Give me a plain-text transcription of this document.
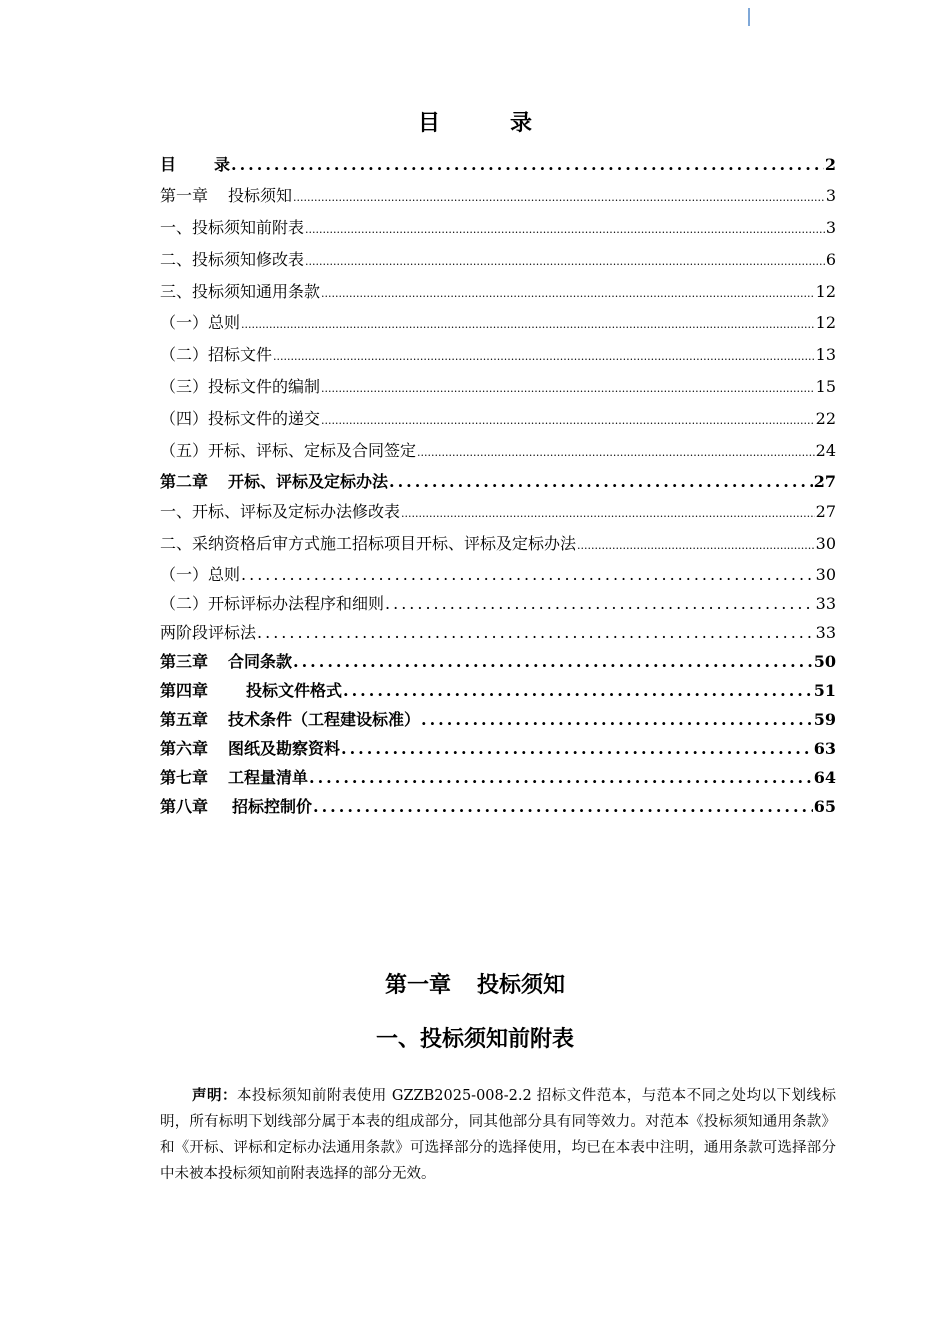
目	录
目 录 .....	2
第一章 投标须知 .....	3
一、投标须知前附表 .....	3
二、投标须知修改表 .....	6
三、投标须知通用条款 .....	12
（一）总则 .....	12
（二）招标文件 .....	13
（三）投标文件的编制 .....	15
（四）投标文件的递交 .....	22
（五）开标、评标、定标及合同签定 .....	24
第二章 开标、评标及定标办法 .....	27
一、开标、评标及定标办法修改表 .....	27
二、采纳资格后审方式施工招标项目开标、评标及定标办法 .....	30
（一）总则 .....	30
（二）开标评标办法程序和细则 .....	33
两阶段评标法 .....	33
第三章 合同条款 .....	50
第四章 投标文件格式 .....	51
第五章 技术条件（工程建设标准） .....	59
第六章 图纸及勘察资料 .....	63
第七章 工程量清单 .....	64
第八章 招标控制价 .....	65
第一章 投标须知
一、投标须知前附表

声明：本投标须知前附表使用 GZZB2025-008-2.2 招标文件范本，与范本不同之处均以下划线标明，所有标明下划线部分属于本表的组成部分，同其他部分具有同等效力。对范本《投标须知通用条款》和《开标、评标和定标办法通用条款》可选择部分的选择使用，均已在本表中注明，通用条款可选择部分中未被本投标须知前附表选择的部分无效。
